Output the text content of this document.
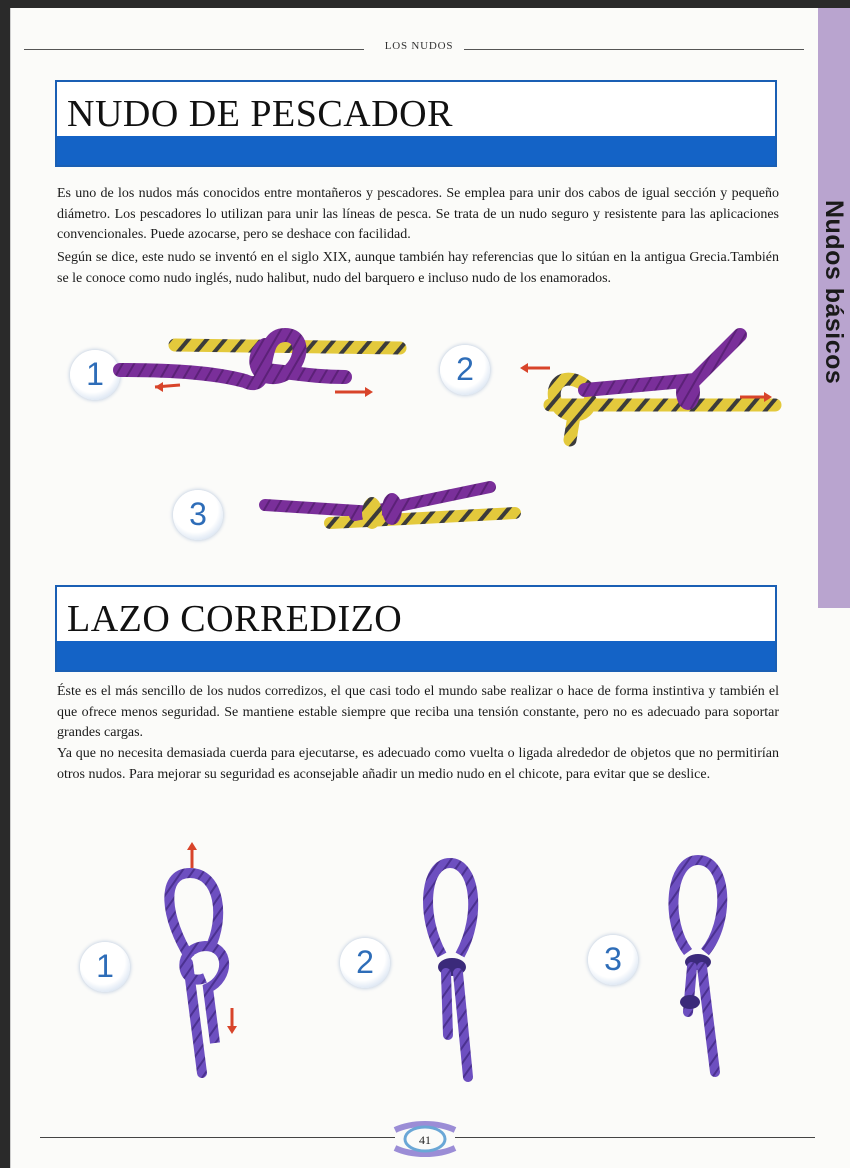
Nudos básicos
LOS NUDOS
NUDO DE PESCADOR

Es uno de los nudos más conocidos entre montañeros y pescadores. Se emplea para unir dos cabos de igual sección y pequeño diámetro. Los pescadores lo utilizan para unir las líneas de pesca. Se trata de un nudo seguro y resistente para las aplicaciones convencionales. Puede azocarse, pero se deshace con facilidad.

Según se dice, este nudo se inventó en el siglo XIX, aunque también hay referencias que lo sitúan en la antigua Grecia.También se le conoce como nudo inglés, nudo halibut, nudo del barquero e incluso nudo de los enamorados.

1	2
3
LAZO CORREDIZO

Éste es el más sencillo de los nudos corredizos, el que casi todo el mundo sabe realizar o hace de forma instintiva y también el que ofrece menos seguridad. Se mantiene estable siempre que reciba una tensión constante, pero no es adecuado para soportar grandes cargas.

Ya que no necesita demasiada cuerda para ejecutarse, es adecuado como vuelta o ligada alrededor de objetos que no permitirían otros nudos. Para mejorar su seguridad es aconsejable añadir un medio nudo en el chicote, para evitar que se deslice.

1	2	3
41
